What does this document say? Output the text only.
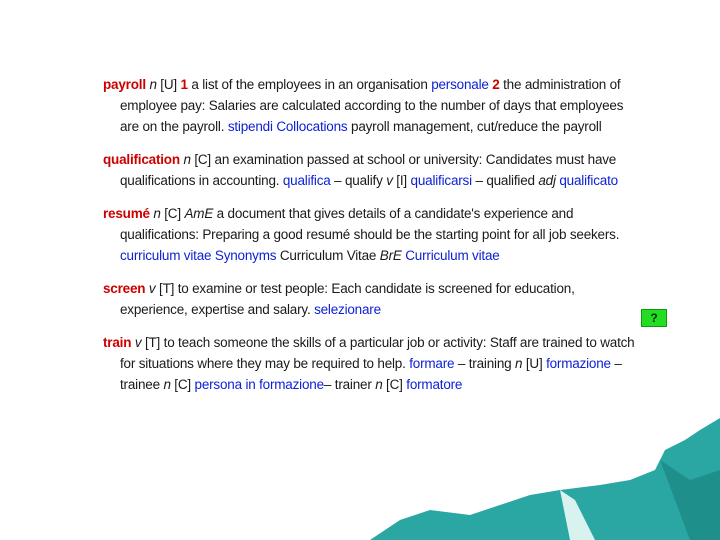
payroll n [U] 1 a list of the employees in an organisation personale 2 the administration of employee pay: Salaries are calculated according to the number of days that employees are on the payroll. stipendi Collocations payroll management, cut/reduce the payroll

qualification n [C] an examination passed at school or university: Candidates must have qualifications in accounting. qualifica – qualify v [I] qualificarsi – qualified adj qualificato

resumé n [C] AmE a document that gives details of a candidate's experience and qualifications: Preparing a good resumé should be the starting point for all job seekers. curriculum vitae Synonyms Curriculum Vitae BrE Curriculum vitae

screen v [T] to examine or test people: Each candidate is screened for education, experience, expertise and salary. selezionare

train v [T] to teach someone the skills of a particular job or activity: Staff are trained to watch for situations where they may be required to help. formare – training n [U] formazione – trainee n [C] persona in formazione– trainer n [C] formatore

?
